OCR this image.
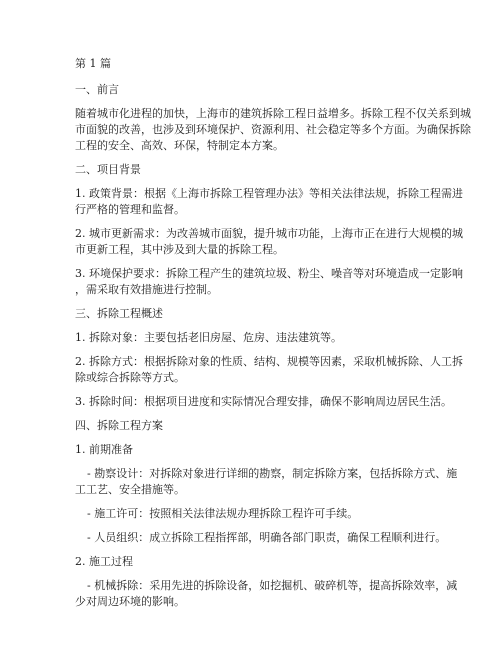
第 1 篇
一、前言
随着城市化进程的加快，上海市的建筑拆除工程日益增多。拆除工程不仅关系到城
市面貌的改善，也涉及到环境保护、资源利用、社会稳定等多个方面。为确保拆除
工程的安全、高效、环保，特制定本方案。
二、项目背景
1. 政策背景：根据《上海市拆除工程管理办法》等相关法律法规，拆除工程需进
行严格的管理和监督。
2. 城市更新需求：为改善城市面貌，提升城市功能，上海市正在进行大规模的城
市更新工程，其中涉及到大量的拆除工程。
3. 环境保护要求：拆除工程产生的建筑垃圾、粉尘、噪音等对环境造成一定影响
，需采取有效措施进行控制。
三、拆除工程概述
1. 拆除对象：主要包括老旧房屋、危房、违法建筑等。
2. 拆除方式：根据拆除对象的性质、结构、规模等因素，采取机械拆除、人工拆
除或综合拆除等方式。
3. 拆除时间：根据项目进度和实际情况合理安排，确保不影响周边居民生活。
四、拆除工程方案
1. 前期准备
- 勘察设计：对拆除对象进行详细的勘察，制定拆除方案，包括拆除方式、施
工工艺、安全措施等。
- 施工许可：按照相关法律法规办理拆除工程许可手续。
- 人员组织：成立拆除工程指挥部，明确各部门职责，确保工程顺利进行。
2. 施工过程
- 机械拆除：采用先进的拆除设备，如挖掘机、破碎机等，提高拆除效率，减
少对周边环境的影响。
